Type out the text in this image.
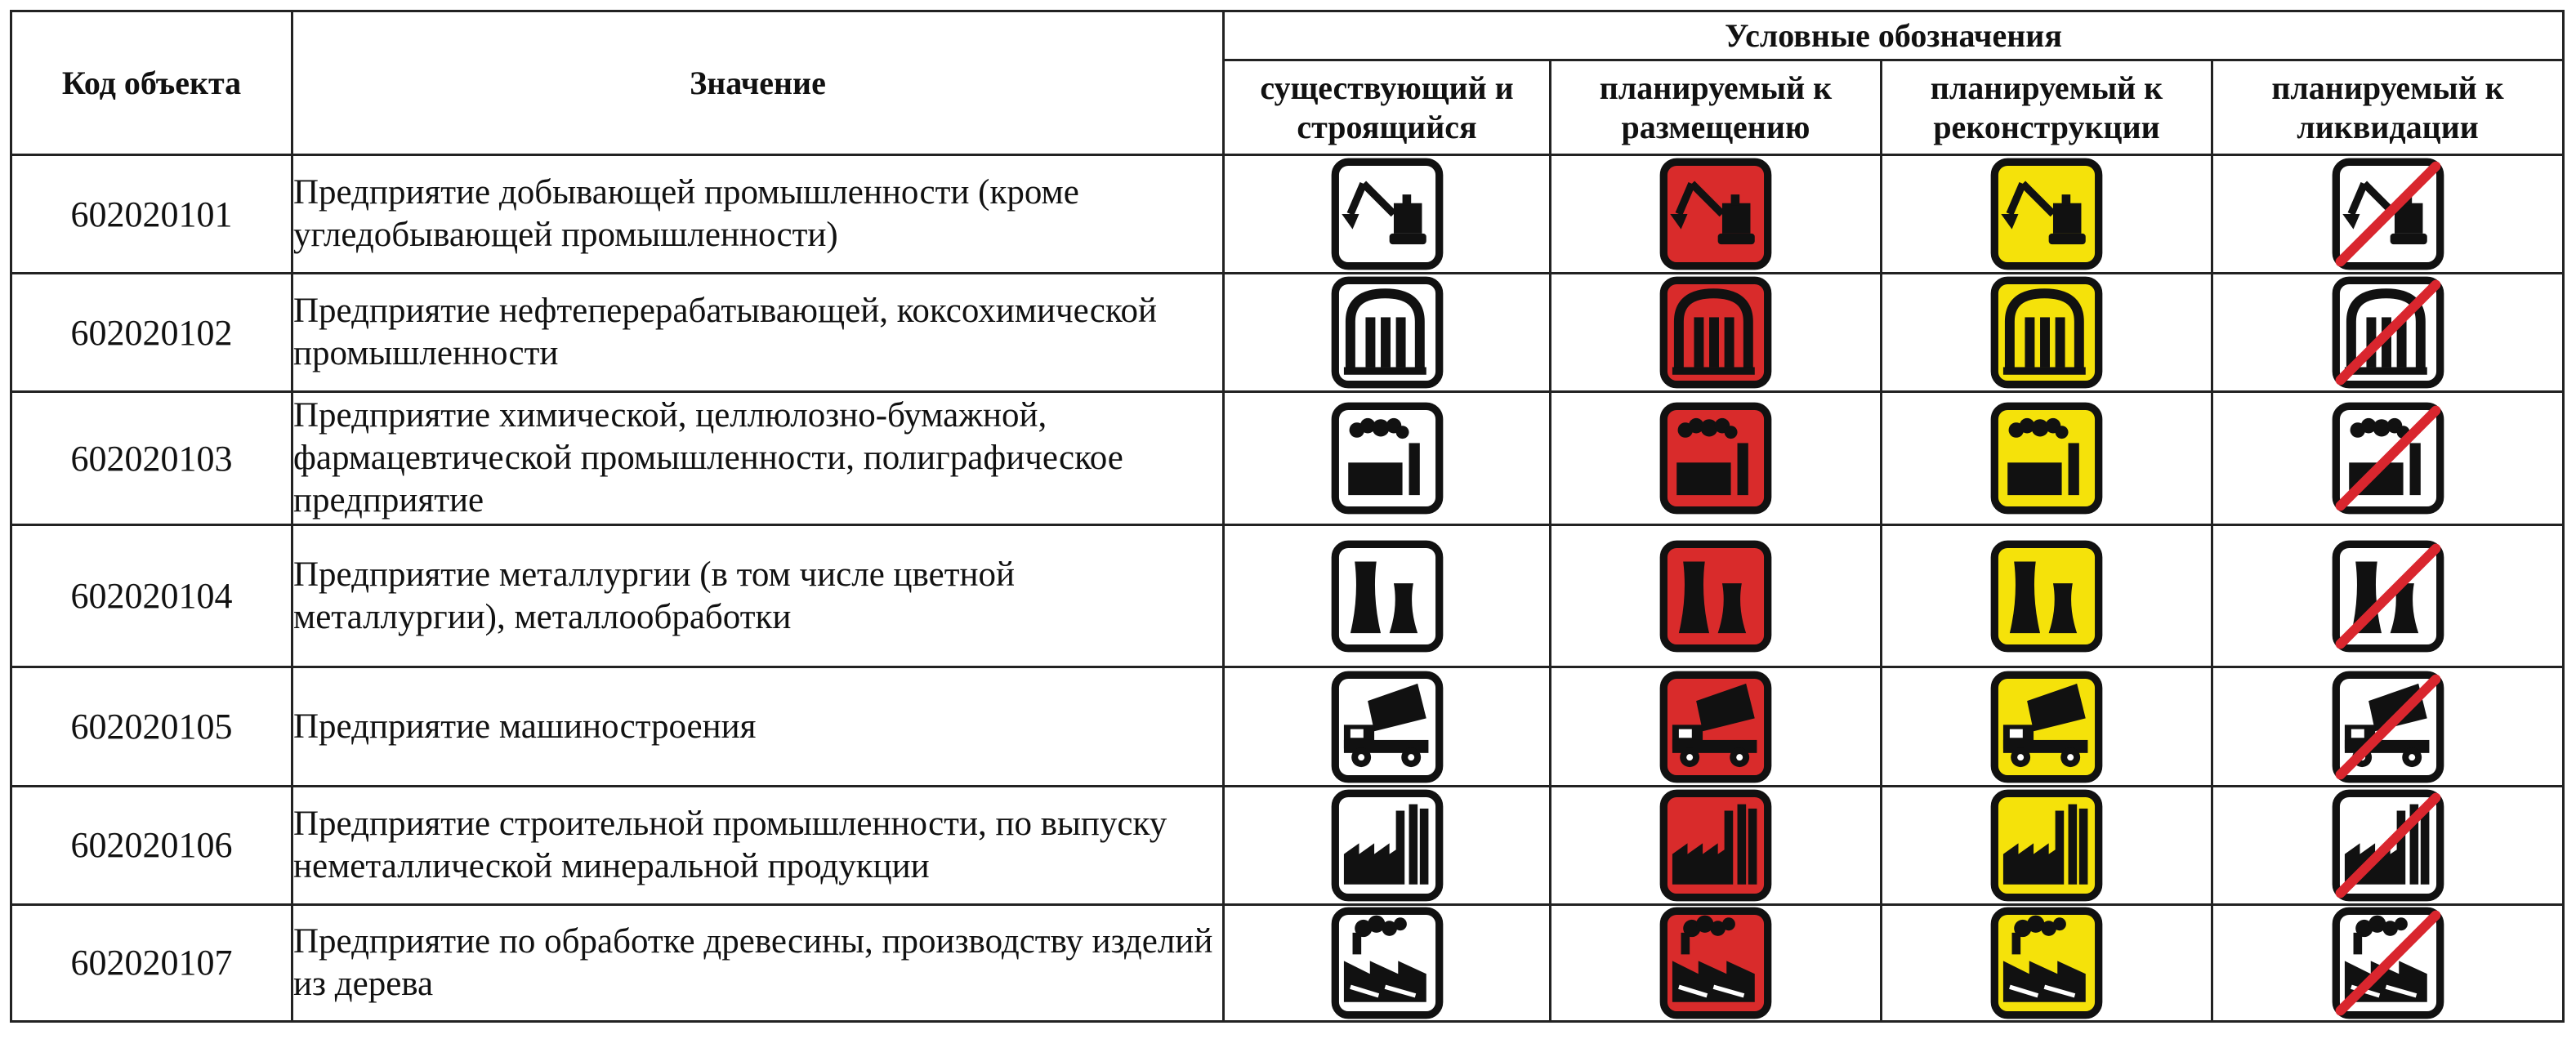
Код объекта	Значение	Условные обозначения			
		существующий и строящийся	планируемый к размещению	планируемый к реконструкции	планируемый к ликвидации
602020101	Предприятие добывающей промышленности (кроме угледобывающей промышленности)	

602020102	Предприятие нефтеперерабатывающей, коксохимической промышленности	

602020103	Предприятие химической, целлюлозно-бумажной, фармацевтической промышленности, полиграфическое предприятие	

602020104	Предприятие металлургии (в том числе цветной металлургии), металлообработки	

602020105	Предприятие машиностроения	

602020106	Предприятие строительной промышленности, по выпуску неметаллической минеральной продукции	

602020107	Предприятие по обработке древесины, производству изделий из дерева	
